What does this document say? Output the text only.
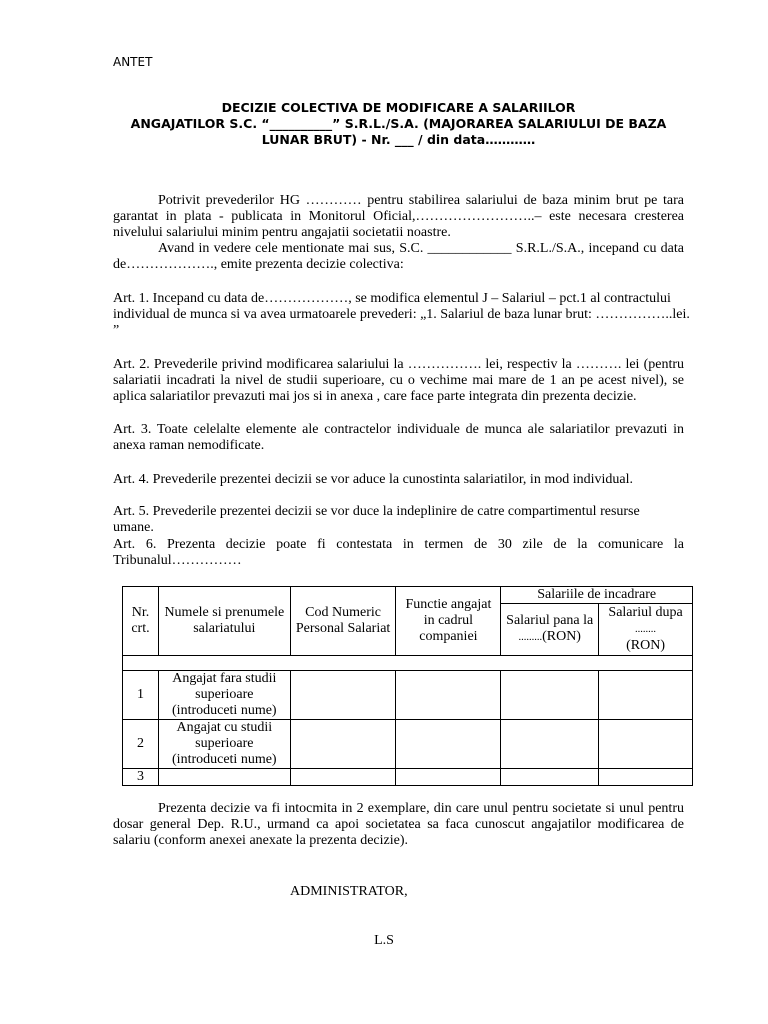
ANTET
DECIZIE COLECTIVA DE MODIFICARE A SALARIILOR
ANGAJATILOR S.C. “__________” S.R.L./S.A. (MAJORAREA SALARIULUI DE BAZA
LUNAR BRUT) - Nr. ___ / din data…………

Potrivit prevederilor HG ………… pentru stabilirea salariului de baza minim brut pe tara garantat in plata - publicata in Monitorul Oficial,……………………..– este necesara cresterea nivelului salariului minim pentru angajatii societatii noastre.

Avand in vedere cele mentionate mai sus, S.C. ____________ S.R.L./S.A., incepand cu data de………………., emite prezenta decizie colectiva:

Art. 1. Incepand cu data de………………, se modifica elementul J – Salariul – pct.1 al contractului
individual de munca si va avea urmatoarele prevederi: „1. Salariul de baza lunar brut: ……………..lei.
”
Art. 2. Prevederile privind modificarea salariului la ……………. lei, respectiv la ………. lei (pentru salariatii incadrati la nivel de studii superioare, cu o vechime mai mare de 1 an pe acest nivel), se aplica salariatilor prevazuti mai jos si in anexa , care face parte integrata din prezenta decizie.
Art. 3. Toate celelalte elemente ale contractelor individuale de munca ale salariatilor prevazuti in anexa raman nemodificate.
Art. 4. Prevederile prezentei decizii se vor aduce la cunostinta salariatilor, in mod individual.
Art. 5. Prevederile prezentei decizii se vor duce la indeplinire de catre compartimentul resurse umane.
Art. 6. Prezenta decizie poate fi contestata in termen de 30 zile de la comunicare la Tribunalul……………
Nr. crt.	Numele si prenumele salariatului	Cod Numeric Personal Salariat	Functie angajat in cadrul companiei	Salariile de incadrare	
				Salariul pana la .........(RON)	Salariul dupa ........
(RON)

1	Angajat fara studii superioare (introduceti nume)				
2	Angajat cu studii superioare (introduceti nume)				
3					

Prezenta decizie va fi intocmita in 2 exemplare, din care unul pentru societate si unul pentru dosar general Dep. R.U., urmand ca apoi societatea sa faca cunoscut angajatilor modificarea de salariu (conform anexei anexate la prezenta decizie).

ADMINISTRATOR,
L.S
